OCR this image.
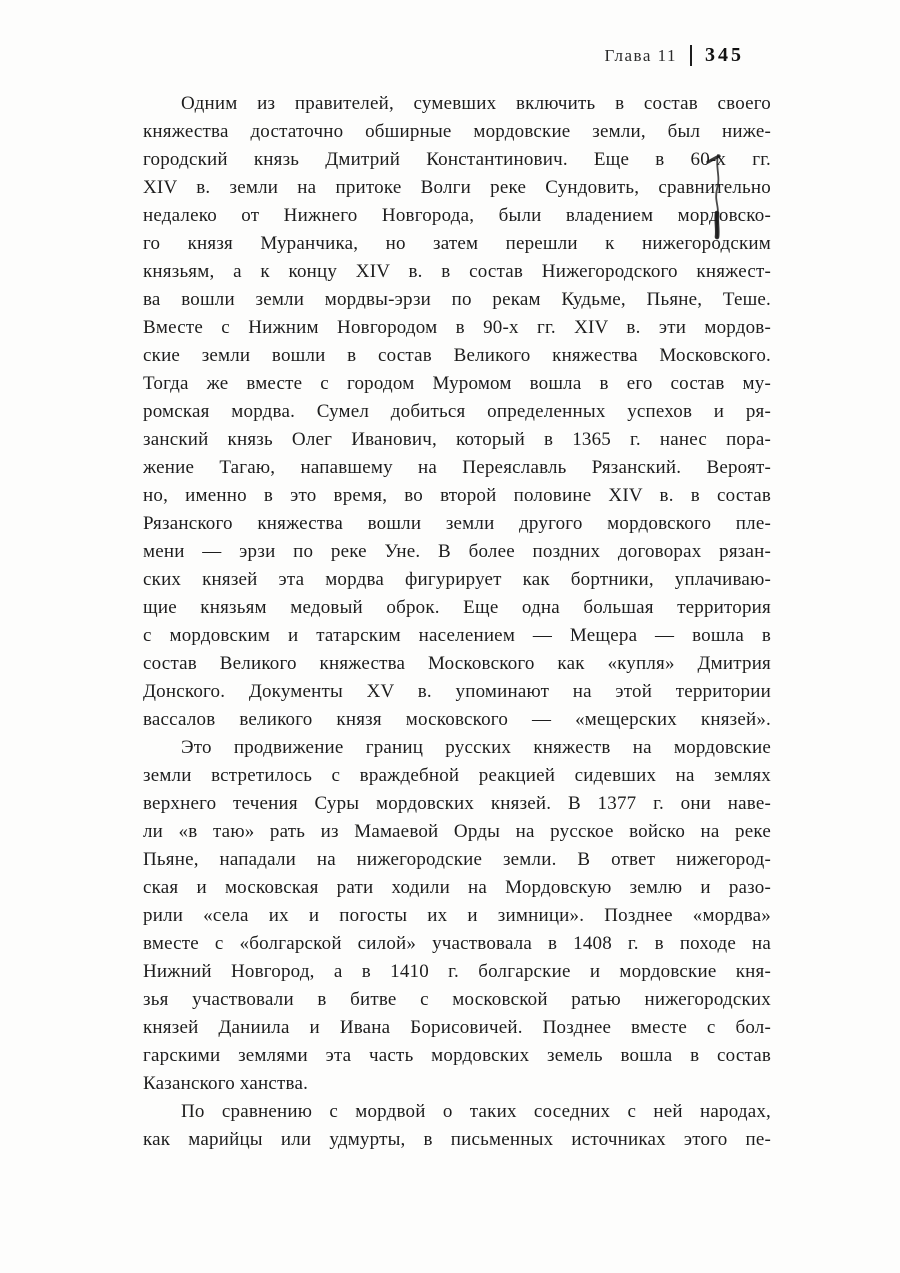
Глава 11 345
Одним из правителей, сумевших включить в состав своего
княжества достаточно обширные мордовские земли, был ниже-
городский князь Дмитрий Константинович. Еще в 60-х гг.
XIV в. земли на притоке Волги реке Сундовить, сравнительно
недалеко от Нижнего Новгорода, были владением мордовско-
го князя Муранчика, но затем перешли к нижегородским
князьям, а к концу XIV в. в состав Нижегородского княжест-
ва вошли земли мордвы-эрзи по рекам Кудьме, Пьяне, Теше.
Вместе с Нижним Новгородом в 90-х гг. XIV в. эти мордов-
ские земли вошли в состав Великого княжества Московского.
Тогда же вместе с городом Муромом вошла в его состав му-
ромская мордва. Сумел добиться определенных успехов и ря-
занский князь Олег Иванович, который в 1365 г. нанес пора-
жение Тагаю, напавшему на Переяславль Рязанский. Вероят-
но, именно в это время, во второй половине XIV в. в состав
Рязанского княжества вошли земли другого мордовского пле-
мени — эрзи по реке Уне. В более поздних договорах рязан-
ских князей эта мордва фигурирует как бортники, уплачиваю-
щие князьям медовый оброк. Еще одна большая территория
с мордовским и татарским населением — Мещера — вошла в
состав Великого княжества Московского как «купля» Дмитрия
Донского. Документы XV в. упоминают на этой территории
вассалов великого князя московского — «мещерских князей».
Это продвижение границ русских княжеств на мордовские
земли встретилось с враждебной реакцией сидевших на землях
верхнего течения Суры мордовских князей. В 1377 г. они наве-
ли «в таю» рать из Мамаевой Орды на русское войско на реке
Пьяне, нападали на нижегородские земли. В ответ нижегород-
ская и московская рати ходили на Мордовскую землю и разо-
рили «села их и погосты их и зимници». Позднее «мордва»
вместе с «болгарской силой» участвовала в 1408 г. в походе на
Нижний Новгород, а в 1410 г. болгарские и мордовские кня-
зья участвовали в битве с московской ратью нижегородских
князей Даниила и Ивана Борисовичей. Позднее вместе с бол-
гарскими землями эта часть мордовских земель вошла в состав
Казанского ханства.
По сравнению с мордвой о таких соседних с ней народах,
как марийцы или удмурты, в письменных источниках этого пе-
